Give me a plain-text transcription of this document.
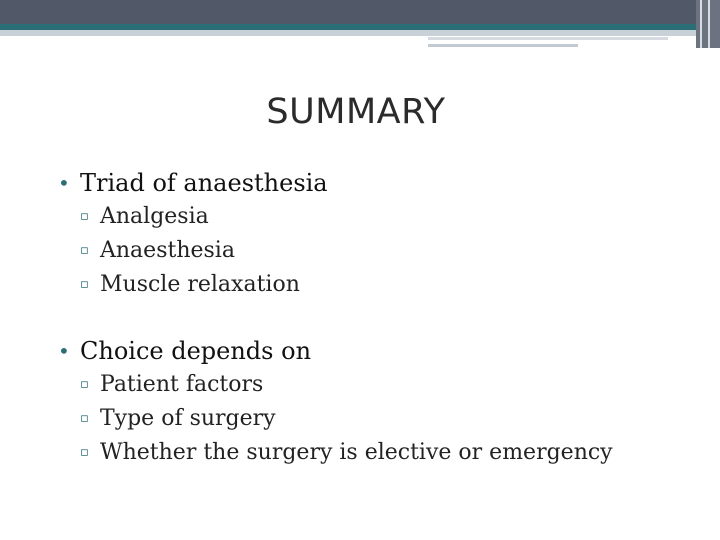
SUMMARY
• Triad of anaesthesia
▫ Analgesia
▫ Anaesthesia
▫ Muscle relaxation
• Choice depends on
▫ Patient factors
▫ Type of surgery
▫ Whether the surgery is elective or emergency
